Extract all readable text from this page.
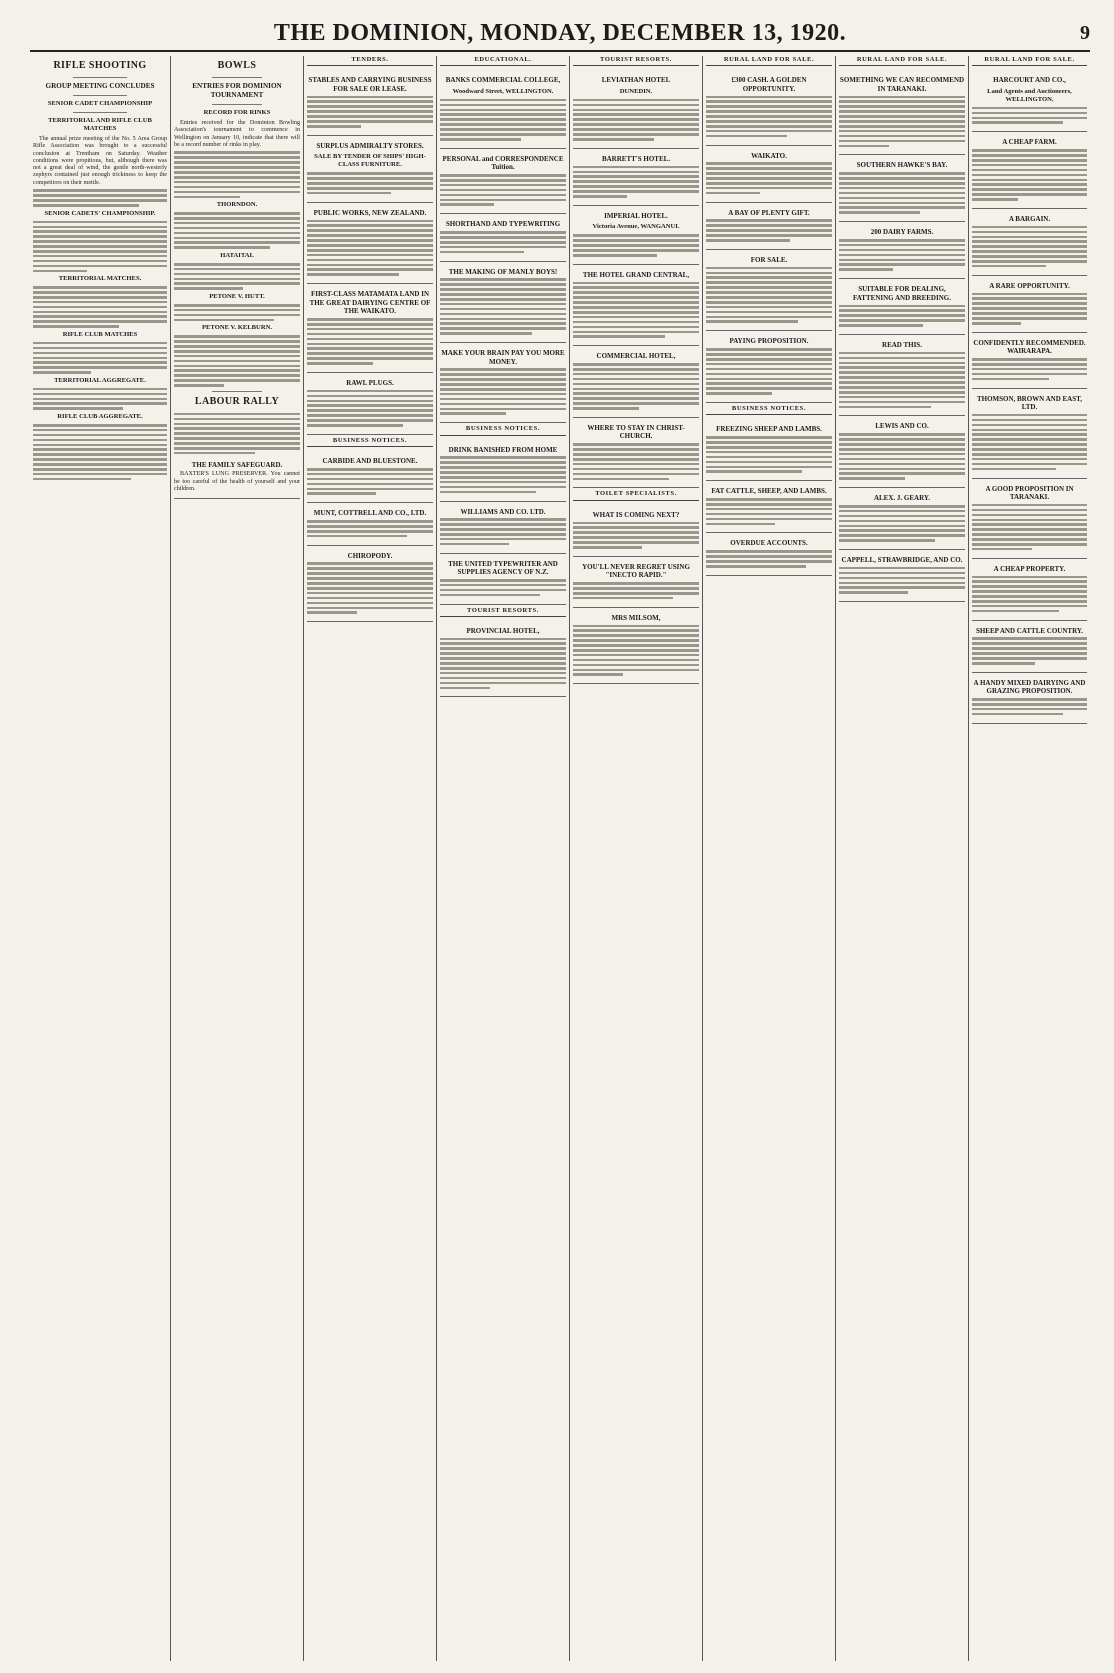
THE DOMINION, MONDAY, DECEMBER 13, 1920.	9
RIFLE SHOOTING
GROUP MEETING CONCLUDES
SENIOR CADET CHAMPIONSHIP
TERRITORIAL AND RIFLE CLUB MATCHES

The annual prize meeting of the No. 5 Area Group Rifle Association was brought to a successful conclusion at Trentham on Saturday. Weather conditions were propitious, but, although there was not a great deal of wind, the gentle north-westerly zephyrs contained just enough trickiness to keep the competitors on their mettle.

SENIOR CADETS' CHAMPIONSHIP.
TERRITORIAL MATCHES.
RIFLE CLUB MATCHES
TERRITORIAL AGGREGATE.
RIFLE CLUB AGGREGATE.
BOWLS
ENTRIES FOR DOMINION TOURNAMENT
RECORD FOR RINKS

Entries received for the Dominion Bowling Association's tournament to commence in Wellington on January 10, indicate that there will be a record number of rinks in play.

THORNDON.
HATAITAI.
PETONE V. HUTT.
PETONE V. KELBURN.
LABOUR RALLY
THE FAMILY SAFEGUARD.

BAXTER'S LUNG PRESERVER. You cannot be too careful of the health of yourself and your children.

TENDERS.
STABLES AND CARRYING BUSINESS FOR SALE OR LEASE.
SURPLUS ADMIRALTY STORES.
SALE BY TENDER OF SHIPS' HIGH-CLASS FURNITURE.
PUBLIC WORKS, NEW ZEALAND.
FIRST-CLASS MATAMATA LAND IN THE GREAT DAIRYING CENTRE OF THE WAIKATO.
RAWL PLUGS.
BUSINESS NOTICES.
CARBIDE AND BLUESTONE.
MUNT, COTTRELL AND CO., LTD.
CHIROPODY.
EDUCATIONAL.
BANKS COMMERCIAL COLLEGE,
Woodward Street, WELLINGTON.
PERSONAL and CORRESPONDENCE Tuition.
SHORTHAND AND TYPEWRITING
THE MAKING OF MANLY BOYS!
MAKE YOUR BRAIN PAY YOU MORE MONEY.
BUSINESS NOTICES.
DRINK BANISHED FROM HOME
WILLIAMS AND CO. LTD.
THE UNITED TYPEWRITER AND SUPPLIES AGENCY OF N.Z.
TOURIST RESORTS.
PROVINCIAL HOTEL,
TOURIST RESORTS.
LEVIATHAN HOTEL
DUNEDIN.
BARRETT'S HOTEL.
IMPERIAL HOTEL.
Victoria Avenue, WANGANUI.
THE HOTEL GRAND CENTRAL,
COMMERCIAL HOTEL,
WHERE TO STAY IN CHRIST-CHURCH.
TOILET SPECIALISTS.
WHAT IS COMING NEXT?
YOU'LL NEVER REGRET USING "INECTO RAPID."
MRS MILSOM,
RURAL LAND FOR SALE.
£300 CASH. A GOLDEN OPPORTUNITY.
WAIKATO.
A BAY OF PLENTY GIFT.
FOR SALE.
PAYING PROPOSITION.
BUSINESS NOTICES.
FREEZING SHEEP AND LAMBS.
FAT CATTLE, SHEEP, AND LAMBS.
OVERDUE ACCOUNTS.
RURAL LAND FOR SALE.
SOMETHING WE CAN RECOMMEND IN TARANAKI.
SOUTHERN HAWKE'S BAY.
200 DAIRY FARMS.
SUITABLE FOR DEALING, FATTENING AND BREEDING.
READ THIS.
LEWIS AND CO.
ALEX. J. GEARY.
CAPPELL, STRAWBRIDGE, AND CO.
RURAL LAND FOR SALE.
HARCOURT AND CO.,
Land Agents and Auctioneers, WELLINGTON.
A CHEAP FARM.
A BARGAIN.
A RARE OPPORTUNITY.
CONFIDENTLY RECOMMENDED. WAIRARAPA.
THOMSON, BROWN AND EAST, LTD.
A GOOD PROPOSITION IN TARANAKI.
A CHEAP PROPERTY.
SHEEP AND CATTLE COUNTRY.
A HANDY MIXED DAIRYING AND GRAZING PROPOSITION.
